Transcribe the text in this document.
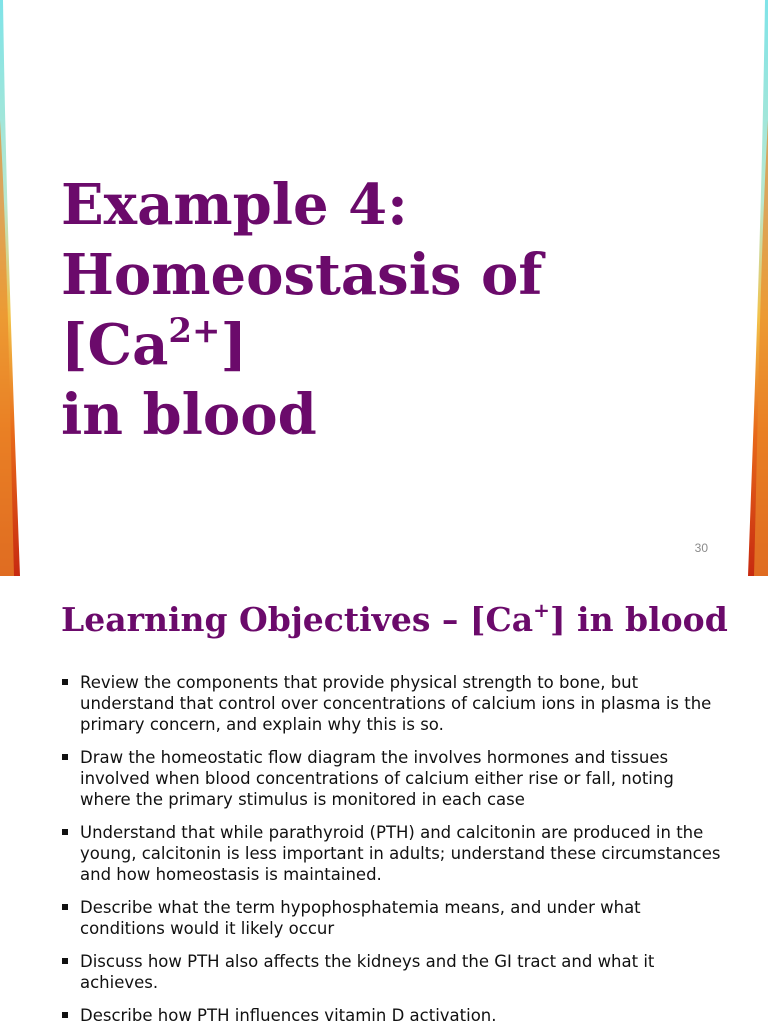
Example 4:
Homeostasis of $[Ca^{2+}]$
in blood
30
Learning Objectives – [Ca+] in blood
Review the components that provide physical strength to bone, but understand that control over concentrations of calcium ions in plasma is the primary concern, and explain why this is so.
Draw the homeostatic flow diagram the involves hormones and tissues involved when blood concentrations of calcium either rise or fall, noting where the primary stimulus is monitored in each case
Understand that while parathyroid (PTH) and calcitonin are produced in the young, calcitonin is less important in adults; understand these circumstances and how homeostasis is maintained.
Describe what the term hypophosphatemia means, and under what conditions would it likely occur
Discuss how PTH also affects the kidneys and the GI tract and what it achieves.
Describe how PTH influences vitamin D activation.
